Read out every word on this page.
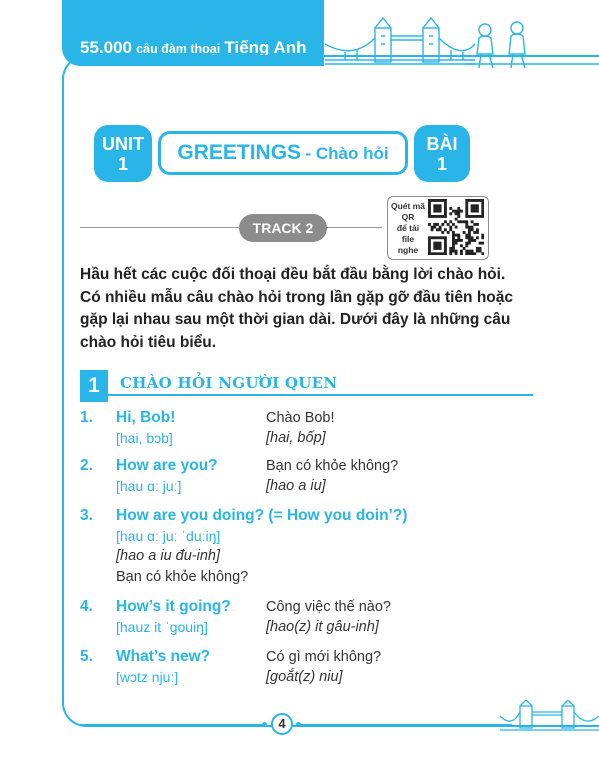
55.000 câu đàm thoại Tiếng Anh
UNIT
1	GREETINGS - Chào hỏi	BÀI
1
TRACK 2
Quét mã
QR
để tải
file nghe
Hầu hết các cuộc đối thoại đều bắt đầu bằng lời chào hỏi. Có nhiều mẫu câu chào hỏi trong lần gặp gỡ đầu tiên hoặc gặp lại nhau sau một thời gian dài. Dưới đây là những câu chào hỏi tiêu biểu.
1	CHÀO HỎI NGƯỜI QUEN
1. Hi, Bob!
[hai, bɔb]
Chào Bob!
[hai, bốp]
2. How are you?
[hau ɑː juː]
Bạn có khỏe không?
[hao a iu]
3. How are you doing? (= How you doin’?)
[hau ɑː juː ˈduːiŋ]
[hao a iu đu-inh]
Bạn có khỏe không?
4. How’s it going?
[hauz it ˈgouiŋ]
Công việc thế nào?
[hao(z) it gâu-inh]
5. What’s new?
[wɔtz njuː]
Có gì mới không?
[goắt(z) niu]
4
